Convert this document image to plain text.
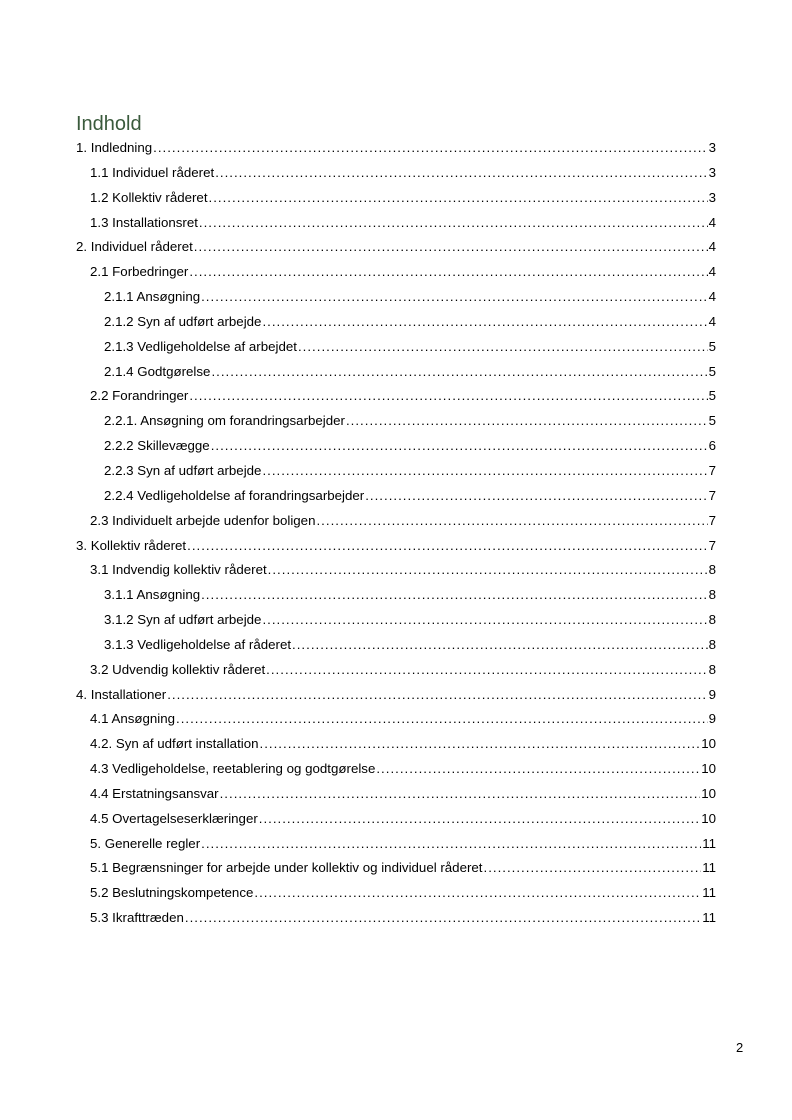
Indhold
1. Indledning .....	3
1.1 Individuel råderet .....	3
1.2 Kollektiv råderet .....	3
1.3 Installationsret .....	4
2. Individuel råderet .....	4
2.1 Forbedringer .....	4
2.1.1 Ansøgning .....	4
2.1.2 Syn af udført arbejde .....	4
2.1.3 Vedligeholdelse af arbejdet .....	5
2.1.4 Godtgørelse .....	5
2.2 Forandringer .....	5
2.2.1. Ansøgning om forandringsarbejder .....	5
2.2.2 Skillevægge .....	6
2.2.3 Syn af udført arbejde .....	7
2.2.4 Vedligeholdelse af forandringsarbejder .....	7
2.3 Individuelt arbejde udenfor boligen .....	7
3. Kollektiv råderet .....	7
3.1 Indvendig kollektiv råderet .....	8
3.1.1 Ansøgning .....	8
3.1.2 Syn af udført arbejde .....	8
3.1.3 Vedligeholdelse af råderet .....	8
3.2 Udvendig kollektiv råderet .....	8
4. Installationer .....	9
4.1 Ansøgning .....	9
4.2. Syn af udført installation .....	10
4.3 Vedligeholdelse, reetablering og godtgørelse .....	10
4.4 Erstatningsansvar .....	10
4.5 Overtagelseserklæringer .....	10
5. Generelle regler .....	11
5.1 Begrænsninger for arbejde under kollektiv og individuel råderet .....	11
5.2 Beslutningskompetence .....	11
5.3 Ikrafttræden .....	11
2
